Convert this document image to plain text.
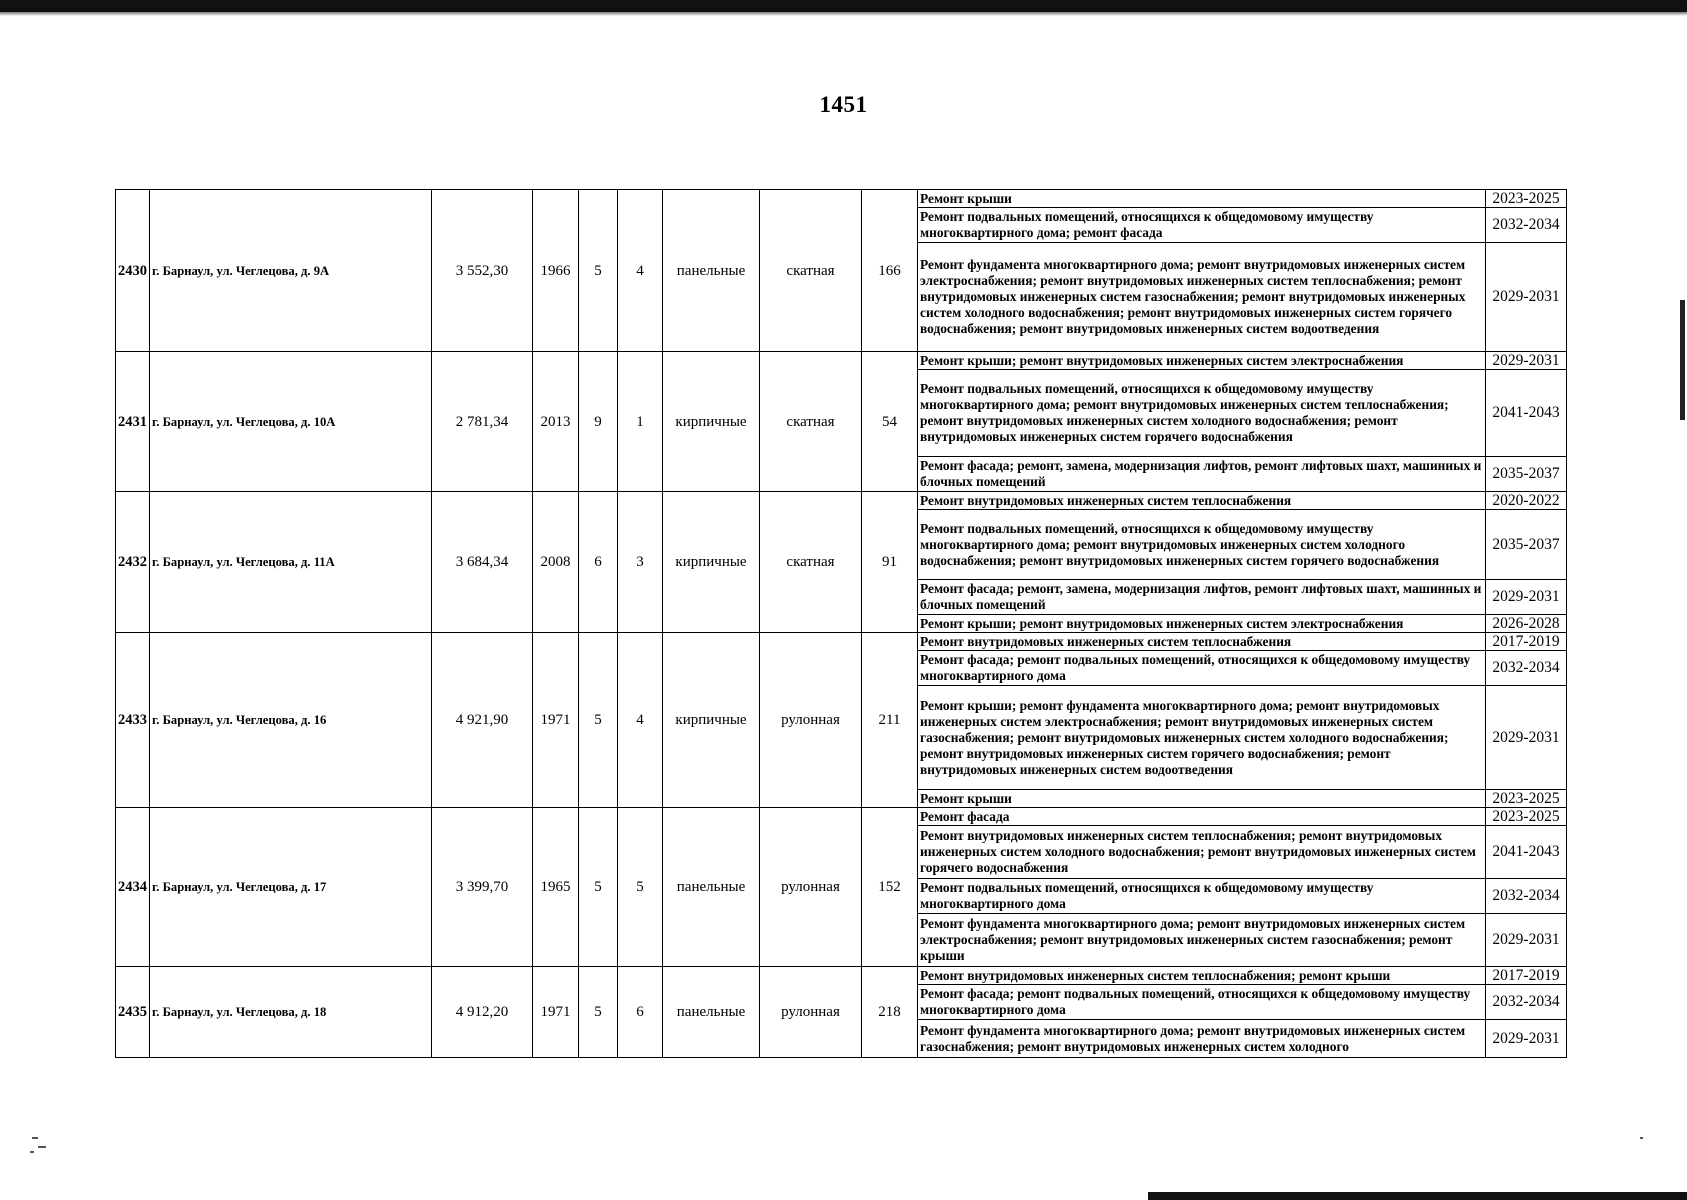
1451
2430	г. Барнаул, ул. Чеглецова, д. 9А	3 552,30	1966	5	4	панельные	скатная	166	Ремонт крыши	2023-2025
									Ремонт подвальных помещений, относящихся к общедомовому имуществу многоквартирного дома; ремонт фасада	2032-2034
									Ремонт фундамента многоквартирного дома; ремонт внутридомовых инженерных систем электроснабжения; ремонт внутридомовых инженерных систем теплоснабжения; ремонт внутридомовых инженерных систем газоснабжения; ремонт внутридомовых инженерных систем холодного водоснабжения; ремонт внутридомовых инженерных систем горячего водоснабжения; ремонт внутридомовых инженерных систем водоотведения	2029-2031
2431	г. Барнаул, ул. Чеглецова, д. 10А	2 781,34	2013	9	1	кирпичные	скатная	54	Ремонт крыши; ремонт внутридомовых инженерных систем электроснабжения	2029-2031
									Ремонт подвальных помещений, относящихся к общедомовому имуществу многоквартирного дома; ремонт внутридомовых инженерных систем теплоснабжения; ремонт внутридомовых инженерных систем холодного водоснабжения; ремонт внутридомовых инженерных систем горячего водоснабжения	2041-2043
									Ремонт фасада; ремонт, замена, модернизация лифтов, ремонт лифтовых шахт, машинных и блочных помещений	2035-2037
2432	г. Барнаул, ул. Чеглецова, д. 11А	3 684,34	2008	6	3	кирпичные	скатная	91	Ремонт внутридомовых инженерных систем теплоснабжения	2020-2022
									Ремонт подвальных помещений, относящихся к общедомовому имуществу многоквартирного дома; ремонт внутридомовых инженерных систем холодного водоснабжения; ремонт внутридомовых инженерных систем горячего водоснабжения	2035-2037
									Ремонт фасада; ремонт, замена, модернизация лифтов, ремонт лифтовых шахт, машинных и блочных помещений	2029-2031
									Ремонт крыши; ремонт внутридомовых инженерных систем электроснабжения	2026-2028
2433	г. Барнаул, ул. Чеглецова, д. 16	4 921,90	1971	5	4	кирпичные	рулонная	211	Ремонт внутридомовых инженерных систем теплоснабжения	2017-2019
									Ремонт фасада; ремонт подвальных помещений, относящихся к общедомовому имуществу многоквартирного дома	2032-2034
									Ремонт крыши; ремонт фундамента многоквартирного дома; ремонт внутридомовых инженерных систем электроснабжения; ремонт внутридомовых инженерных систем газоснабжения; ремонт внутридомовых инженерных систем холодного водоснабжения; ремонт внутридомовых инженерных систем горячего водоснабжения; ремонт внутридомовых инженерных систем водоотведения	2029-2031
									Ремонт крыши	2023-2025
2434	г. Барнаул, ул. Чеглецова, д. 17	3 399,70	1965	5	5	панельные	рулонная	152	Ремонт фасада	2023-2025
									Ремонт внутридомовых инженерных систем теплоснабжения; ремонт внутридомовых инженерных систем холодного водоснабжения; ремонт внутридомовых инженерных систем горячего водоснабжения	2041-2043
									Ремонт подвальных помещений, относящихся к общедомовому имуществу многоквартирного дома	2032-2034
									Ремонт фундамента многоквартирного дома; ремонт внутридомовых инженерных систем электроснабжения; ремонт внутридомовых инженерных систем газоснабжения; ремонт крыши	2029-2031
2435	г. Барнаул, ул. Чеглецова, д. 18	4 912,20	1971	5	6	панельные	рулонная	218	Ремонт внутридомовых инженерных систем теплоснабжения; ремонт крыши	2017-2019
									Ремонт фасада; ремонт подвальных помещений, относящихся к общедомовому имуществу многоквартирного дома	2032-2034
									Ремонт фундамента многоквартирного дома; ремонт внутридомовых инженерных систем газоснабжения; ремонт внутридомовых инженерных систем холодного	2029-2031
